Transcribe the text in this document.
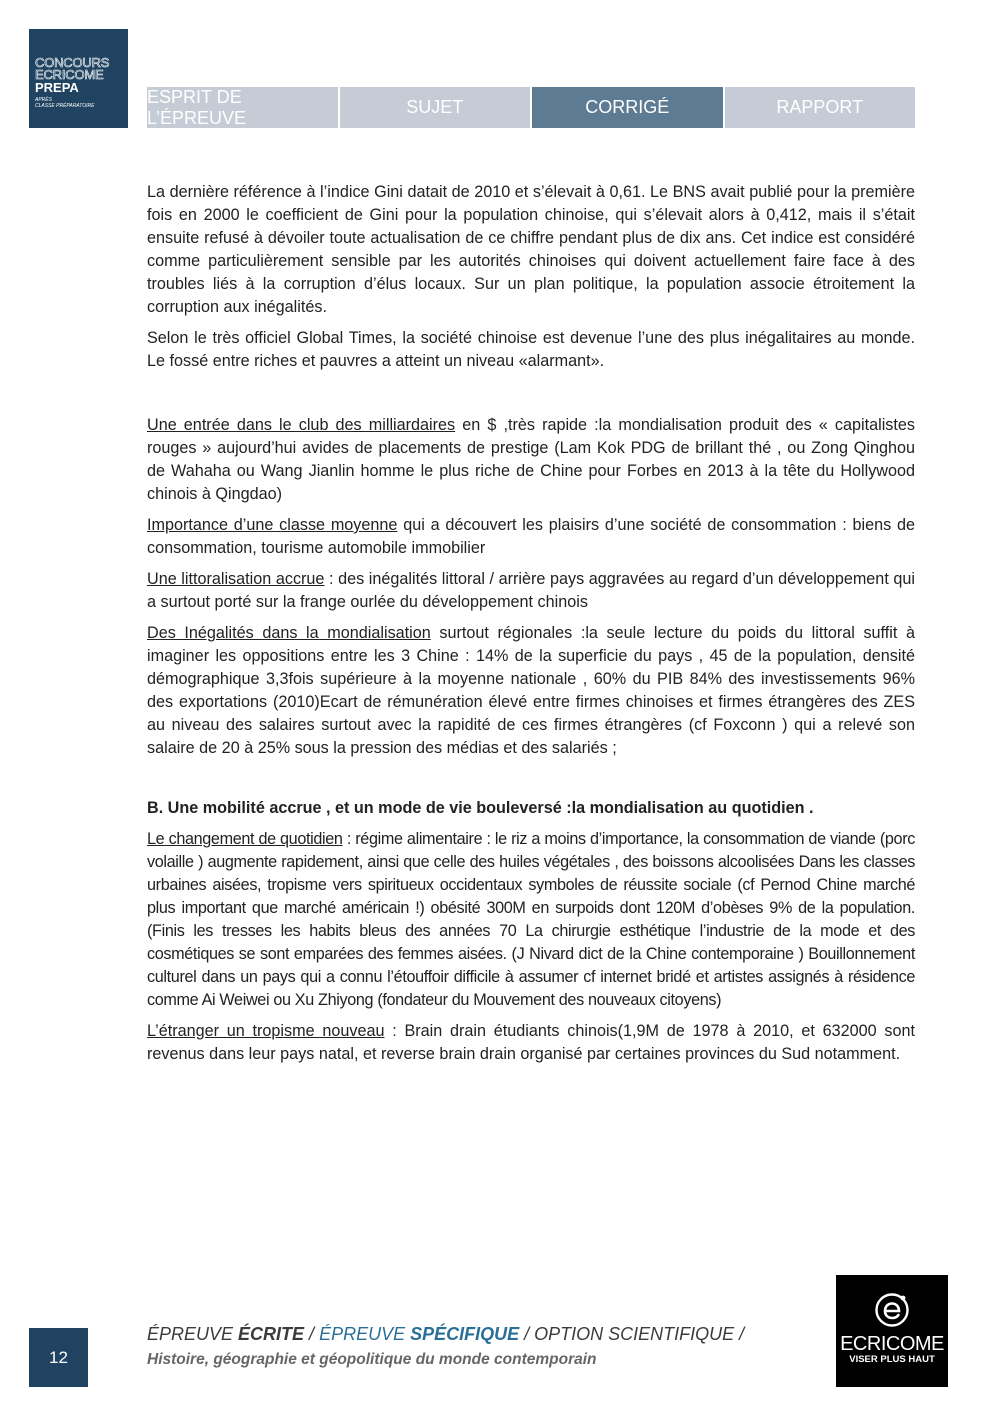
CONCOURS
ECRICOME
PREPA
APRÈS
CLASSE PRÉPARATOIRE	ESPRIT DE L’ÉPREUVE
SUJET	CORRIGÉ	RAPPORT

La dernière référence à l’indice Gini datait de 2010 et s’élevait à 0,61. Le BNS avait publié pour la première fois en 2000 le coefficient de Gini pour la population chinoise, qui s’élevait alors à 0,412, mais il s’était ensuite refusé à dévoiler toute actualisation de ce chiffre pendant plus de dix ans. Cet indice est considéré comme particulièrement sensible par les autorités chinoises qui doivent actuellement faire face à des troubles liés à la corruption d’élus locaux. Sur un plan politique, la population associe étroitement la corruption aux inégalités.

Selon le très officiel Global Times, la société chinoise est devenue l’une des plus inégalitaires au monde. Le fossé entre riches et pauvres a atteint un niveau «alarmant».

Une entrée dans le club des milliardaires en $ ,très rapide :la mondialisation produit des « capitalistes rouges » aujourd’hui avides de placements de prestige (Lam Kok PDG de brillant thé , ou Zong Qinghou de Wahaha ou Wang Jianlin homme le plus riche de Chine pour Forbes en 2013 à la tête du Hollywood chinois à Qingdao)

Importance d’une classe moyenne qui a découvert les plaisirs d’une société de consommation : biens de consommation, tourisme automobile immobilier

Une littoralisation accrue : des inégalités littoral / arrière pays aggravées au regard d’un développement qui a surtout porté sur la frange ourlée du développement chinois

Des Inégalités dans la mondialisation surtout régionales :la seule lecture du poids du littoral suffit à imaginer les oppositions entre les 3 Chine : 14% de la superficie du pays , 45 de la population, densité démographique 3,3fois supérieure à la moyenne nationale , 60% du PIB 84% des investissements 96% des exportations (2010)Ecart de rémunération élevé entre firmes chinoises et firmes étrangères des ZES au niveau des salaires surtout avec la rapidité de ces firmes étrangères (cf Foxconn ) qui a relevé son salaire de 20 à 25% sous la pression des médias et des salariés ;

B. Une mobilité accrue , et un mode de vie bouleversé :la mondialisation au quotidien .

Le changement de quotidien : régime alimentaire : le riz a moins d’importance, la consommation de viande (porc volaille ) augmente rapidement, ainsi que celle des huiles végétales , des boissons alcoolisées Dans les classes urbaines aisées, tropisme vers spiritueux occidentaux symboles de réussite sociale (cf Pernod Chine marché plus important que marché américain !) obésité 300M en surpoids dont 120M d’obèses 9% de la population. (Finis les tresses les habits bleus des années 70 La chirurgie esthétique l’industrie de la mode et des cosmétiques se sont emparées des femmes aisées. (J Nivard dict de la Chine contemporaine ) Bouillonnement culturel dans un pays qui a connu l’étouffoir difficile à assumer cf internet bridé et artistes assignés à résidence comme Ai Weiwei ou Xu Zhiyong (fondateur du Mouvement des nouveaux citoyens)

L’étranger un tropisme nouveau : Brain drain étudiants chinois(1,9M de 1978 à 2010, et 632000 sont revenus dans leur pays natal, et reverse brain drain organisé par certaines provinces du Sud notamment.

12
ÉPREUVE ÉCRITE / ÉPREUVE SPÉCIFIQUE / OPTION SCIENTIFIQUE /
Histoire, géographie et géopolitique du monde contemporain
ECRICOME
VISER PLUS HAUT
